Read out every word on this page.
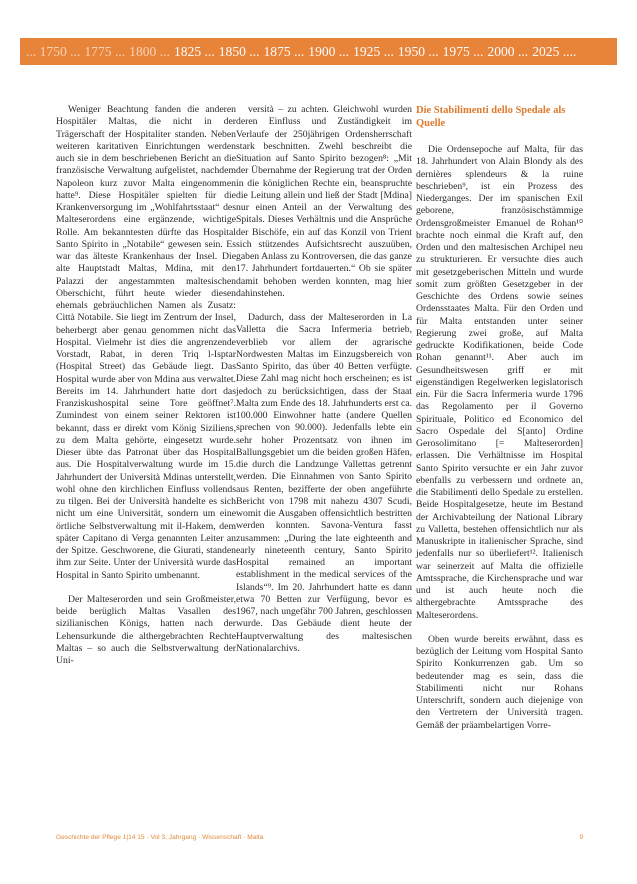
... 1750 ... 1775 ... 1800 ... 1825 ... 1850 ... 1875 ... 1900 ... 1925 ... 1950 ... 1975 ... 2000 ... 2025 ....

Weniger Beachtung fanden die anderen Hospitäler Maltas, die nicht in der Trägerschaft der Hospitaliter standen. Neben weiteren karitativen Einrichtungen werden auch sie in dem beschriebenen Bericht an die französische Verwaltung aufgelistet, nachdem Napoleon kurz zuvor Malta eingenommen hatte⁹. Diese Hospitäler spielten für die Krankenversorgung im „Wohlfahrtsstaat“ des Malteserordens eine ergänzende, wichtige Rolle. Am bekanntesten dürfte das Hospital Santo Spirito in „Notabile“ gewesen sein. Es war das älteste Krankenhaus der Insel. Die alte Hauptstadt Maltas, Mdina, mit den Palazzi der angestammten maltesischen Oberschicht, führt heute wieder diesen ehemals gebräuchlichen Namen als Zusatz: Città Notabile. Sie liegt im Zentrum der Insel, beherbergt aber genau genommen nicht das Hospital. Vielmehr ist dies die angrenzende Vorstadt, Rabat, in deren Triq l-Isptar (Hospital Street) das Gebäude liegt. Das Hospital wurde aber von Mdina aus verwaltet. Bereits im 14. Jahrhundert hatte dort das Franziskushospital seine Tore geöffnet⁷. Zumindest von einem seiner Rektoren ist bekannt, dass er direkt vom König Siziliens, zu dem Malta gehörte, eingesetzt wurde. Dieser übte das Patronat über das Hospital aus. Die Hospitalverwaltung wurde im 15. Jahrhundert der Università Mdinas unterstellt, wohl ohne den kirchlichen Einfluss vollends zu tilgen. Bei der Università handelte es sich nicht um eine Universität, sondern um eine örtliche Selbstverwaltung mit il-Hakem, dem später Capitano di Verga genannten Leiter an der Spitze. Geschworene, die Giurati, standen ihm zur Seite. Unter der Università wurde das Hospital in Santo Spirito umbenannt.

Der Malteserorden und sein Großmeister, beide berüglich Maltas Vasallen des sizilianischen Königs, hatten nach der Lehensurkunde die althergebrachten Rechte Maltas – so auch die Selbstverwaltung der Uni-

versità – zu achten. Gleichwohl wurden deren Einfluss und Zuständigkeit im Verlaufe der 250jährigen Ordensherrschaft stark beschnitten. Zwehl beschreibt die Situation auf Santo Spirito bezogen⁸: „Mit der Übernahme der Regierung trat der Orden in die königlichen Rechte ein, beanspruchte die Leitung allein und ließ der Stadt [Mdina] nur einen Anteil an der Verwaltung des Spitals. Dieses Verhältnis und die Ansprüche der Bischöfe, ein auf das Konzil von Trient sich stützendes Aufsichtsrecht auszuüben, gaben Anlass zu Kontroversen, die das ganze 17. Jahrhundert fortdauerten.“ Ob sie später damit behoben werden konnten, mag hier dahinstehen.

Dadurch, dass der Malteserorden in La Valletta die Sacra Infermeria betrieb, verblieb vor allem der agrarische Nordwesten Maltas im Einzugsbereich von Santo Spirito, das über 40 Betten verfügte. Diese Zahl mag nicht hoch erscheinen; es ist jedoch zu berücksichtigen, dass der Staat Malta zum Ende des 18. Jahrhunderts erst ca. 100.000 Einwohner hatte (andere Quellen sprechen von 90.000). Jedenfalls lebte ein sehr hoher Prozentsatz von ihnen im Ballungsgebiet um die beiden großen Häfen, die durch die Landzunge Vallettas getrennt werden. Die Einnahmen von Santo Spirito aus Renten, bezifferte der oben angeführte Bericht von 1798 mit nahezu 4307 Scudi, womit die Ausgaben offensichtlich bestritten werden konnten. Savona-Ventura fasst zusammen: „During the late eighteenth and early nineteenth century, Santo Spirito Hospital remained an important establishment in the medical services of the Islands“⁹. Im 20. Jahrhundert hatte es dann etwa 70 Betten zur Verfügung, bevor es 1967, nach ungefähr 700 Jahren, geschlossen wurde. Das Gebäude dient heute der Hauptverwaltung des maltesischen Nationalarchivs.

Die Stabilimenti dello Spedale als Quelle

Die Ordensepoche auf Malta, für das 18. Jahrhundert von Alain Blondy als des dernières splendeurs & la ruine beschrieben⁹, ist ein Prozess des Niederganges. Der im spanischen Exil geborene, französischstämmige Ordensgroßmeister Emanuel de Rohan¹⁰ brachte noch einmal die Kraft auf, den Orden und den maltesischen Archipel neu zu strukturieren. Er versuchte dies auch mit gesetzgeberischen Mitteln und wurde somit zum größten Gesetzgeber in der Geschichte des Ordens sowie seines Ordensstaates Malta. Für den Orden und für Malta entstanden unter seiner Regierung zwei große, auf Malta gedruckte Kodifikationen, beide Code Rohan genannt¹¹. Aber auch im Gesundheitswesen griff er mit eigenständigen Regelwerken legislatorisch ein. Für die Sacra Infermeria wurde 1796 das Regolamento per il Governo Spirituale, Politico ed Economico del Sacro Ospedale del S[anto] Ordine Gerosolimitano [= Malteserorden] erlassen. Die Verhältnisse im Hospital Santo Spirito versuchte er ein Jahr zuvor ebenfalls zu verbessern und ordnete an, die Stabilimenti dello Spedale zu erstellen. Beide Hospitalgesetze, heute im Bestand der Archivabteilung der National Library zu Valletta, bestehen offensichtlich nur als Manuskripte in italienischer Sprache, sind jedenfalls nur so überliefert¹². Italienisch war seinerzeit auf Malta die offizielle Amtssprache, die Kirchensprache und war und ist auch heute noch die althergebrachte Amtssprache des Malteserordens.

Oben wurde bereits erwähnt, dass es bezüglich der Leitung vom Hospital Santo Spirito Konkurrenzen gab. Um so bedeutender mag es sein, dass die Stabilimenti nicht nur Rohans Unterschrift, sondern auch diejenige von den Vertretern der Università tragen. Gemäß der präambelartigen Vorre-

Geschichte der Pflege 1|14 15 · Vol 3, Jahrgang · Wissenschaft · Malta	9
